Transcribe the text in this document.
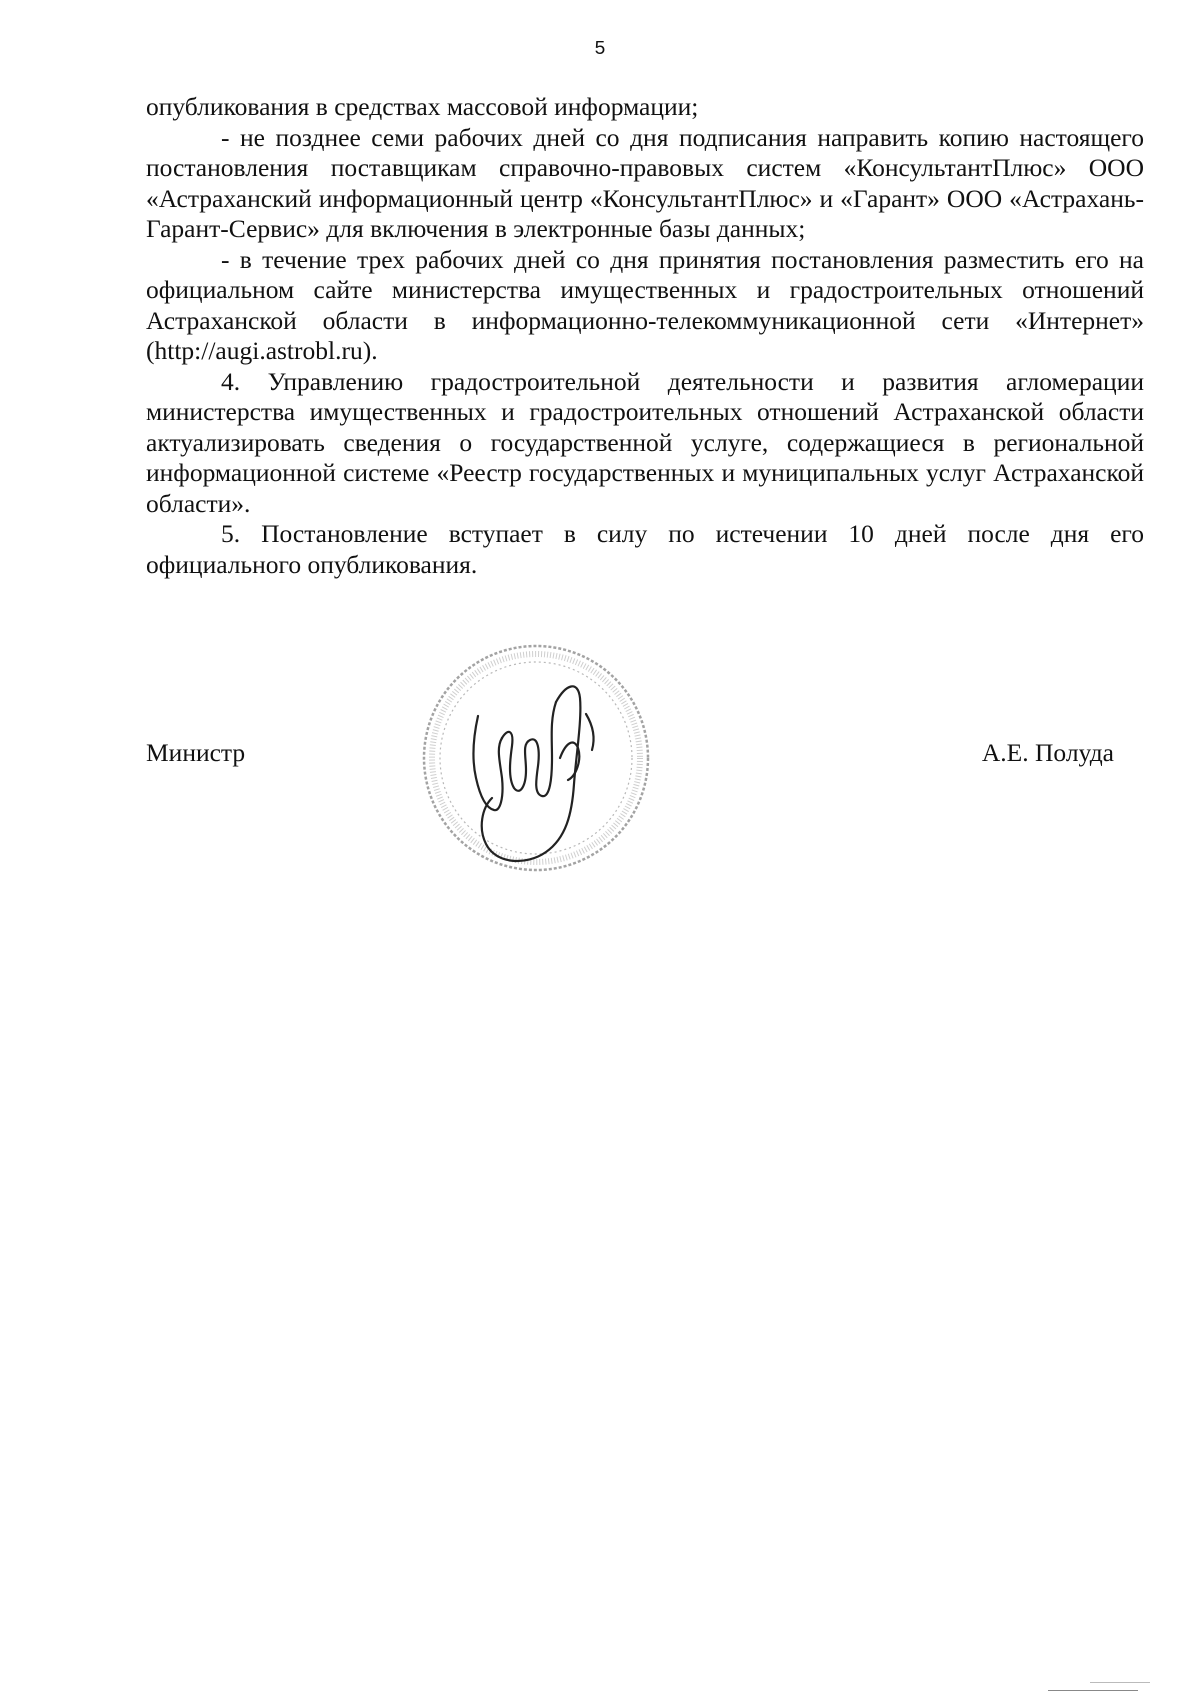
5

опубликования в средствах массовой информации;

- не позднее семи рабочих дней со дня подписания направить копию настоящего постановления поставщикам справочно-правовых систем «КонсультантПлюс» ООО «Астраханский информационный центр «КонсультантПлюс» и «Гарант» ООО «Астрахань-Гарант-Сервис» для включения в электронные базы данных;

- в течение трех рабочих дней со дня принятия постановления разместить его на официальном сайте министерства имущественных и градостроительных отношений Астраханской области в информационно-телекоммуникационной сети «Интернет» (http://augi.astrobl.ru).

4. Управлению градостроительной деятельности и развития агломерации министерства имущественных и градостроительных отношений Астраханской области актуализировать сведения о государственной услуге, содержащиеся в региональной информационной системе «Реестр государственных и муниципальных услуг Астраханской области».

5. Постановление вступает в силу по истечении 10 дней после дня его официального опубликования.

Министр	А.Е. Полуда
